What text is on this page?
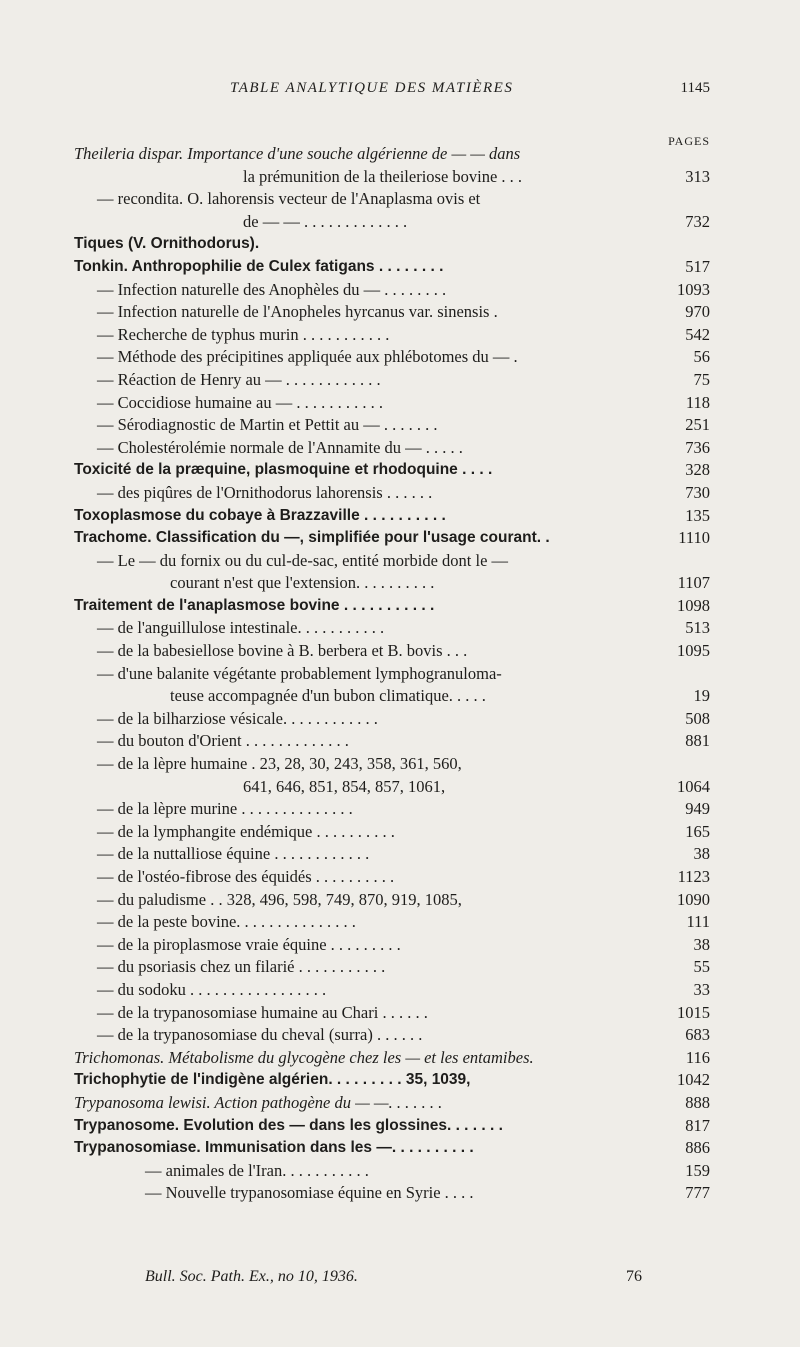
TABLE ANALYTIQUE DES MATIÈRES	1145
PAGES
Theileria dispar. Importance d'une souche algérienne de — — dans
la prémunition de la theileriose bovine . . .	313
— recondita. O. lahorensis vecteur de l'Anaplasma ovis et
de — — . . . . . . . . . . . . .	732
Tiques (V. Ornithodorus).
Tonkin. Anthropophilie de Culex fatigans . . . . . . . .	517
— Infection naturelle des Anophèles du — . . . . . . . .	1093
— Infection naturelle de l'Anopheles hyrcanus var. sinensis .	970
— Recherche de typhus murin . . . . . . . . . . .	542
— Méthode des précipitines appliquée aux phlébotomes du — .	56
— Réaction de Henry au — . . . . . . . . . . . .	75
— Coccidiose humaine au — . . . . . . . . . . .	118
— Sérodiagnostic de Martin et Pettit au — . . . . . . .	251
— Cholestérolémie normale de l'Annamite du — . . . . .	736
Toxicité de la præquine, plasmoquine et rhodoquine . . . .	328
— des piqûres de l'Ornithodorus lahorensis . . . . . .	730
Toxoplasmose du cobaye à Brazzaville . . . . . . . . . .	135
Trachome. Classification du —, simplifiée pour l'usage courant. .	1110
— Le — du fornix ou du cul-de-sac, entité morbide dont le —
courant n'est que l'extension. . . . . . . . . .	1107
Traitement de l'anaplasmose bovine . . . . . . . . . . .	1098
— de l'anguillulose intestinale. . . . . . . . . . .	513
— de la babesiellose bovine à B. berbera et B. bovis . . .	1095
— d'une balanite végétante probablement lymphogranuloma-
teuse accompagnée d'un bubon climatique. . . . .	19
— de la bilharziose vésicale. . . . . . . . . . . .	508
— du bouton d'Orient . . . . . . . . . . . . .	881
— de la lèpre humaine . 23, 28, 30, 243, 358, 361, 560,
641, 646, 851, 854, 857, 1061,	1064
— de la lèpre murine . . . . . . . . . . . . . .	949
— de la lymphangite endémique . . . . . . . . . .	165
— de la nuttalliose équine . . . . . . . . . . . .	38
— de l'ostéo-fibrose des équidés . . . . . . . . . .	1123
— du paludisme . . 328, 496, 598, 749, 870, 919, 1085,	1090
— de la peste bovine. . . . . . . . . . . . . . .	111
— de la piroplasmose vraie équine . . . . . . . . .	38
— du psoriasis chez un filarié . . . . . . . . . . .	55
— du sodoku . . . . . . . . . . . . . . . . .	33
— de la trypanosomiase humaine au Chari . . . . . .	1015
— de la trypanosomiase du cheval (surra) . . . . . .	683
Trichomonas. Métabolisme du glycogène chez les — et les entamibes.	116
Trichophytie de l'indigène algérien. . . . . . . . . 35, 1039,	1042
Trypanosoma lewisi. Action pathogène du — —. . . . . . .	888
Trypanosome. Evolution des — dans les glossines. . . . . . .	817
Trypanosomiase. Immunisation dans les —. . . . . . . . . .	886
— animales de l'Iran. . . . . . . . . . .	159
— Nouvelle trypanosomiase équine en Syrie . . . .	777
Bull. Soc. Path. Ex., no 10, 1936.	76
